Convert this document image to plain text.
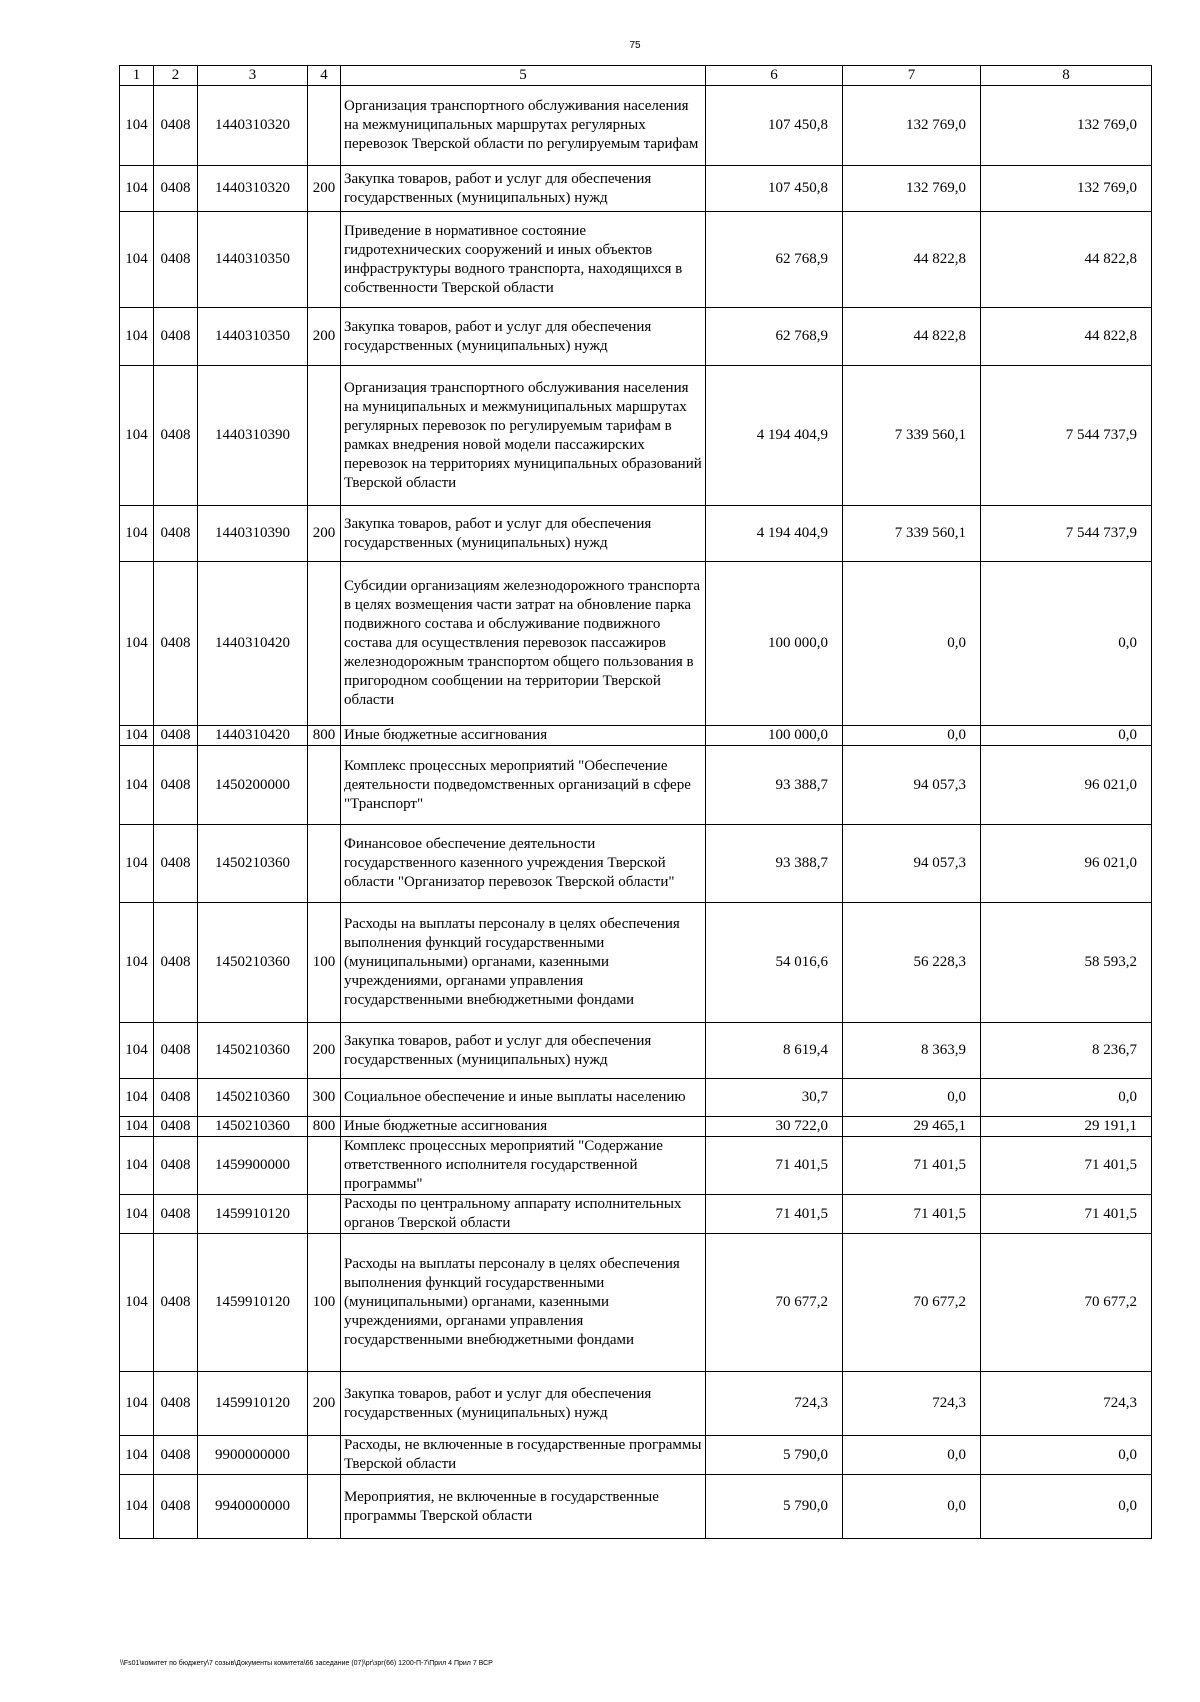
75
1	2	3	4	5	6	7	8
104	0408	1440310320		Организация транспортного обслуживания населения на межмуниципальных маршрутах регулярных перевозок Тверской области по регулируемым тарифам	107 450,8	132 769,0	132 769,0
104	0408	1440310320	200	Закупка товаров, работ и услуг для обеспечения государственных (муниципальных) нужд	107 450,8	132 769,0	132 769,0
104	0408	1440310350		Приведение в нормативное состояние гидротехнических сооружений и иных объектов инфраструктуры водного транспорта, находящихся в собственности Тверской области	62 768,9	44 822,8	44 822,8
104	0408	1440310350	200	Закупка товаров, работ и услуг для обеспечения государственных (муниципальных) нужд	62 768,9	44 822,8	44 822,8
104	0408	1440310390		Организация транспортного обслуживания населения на муниципальных и межмуниципальных маршрутах регулярных перевозок по регулируемым тарифам в рамках внедрения новой модели пассажирских перевозок на территориях муниципальных образований Тверской области	4 194 404,9	7 339 560,1	7 544 737,9
104	0408	1440310390	200	Закупка товаров, работ и услуг для обеспечения государственных (муниципальных) нужд	4 194 404,9	7 339 560,1	7 544 737,9
104	0408	1440310420		Субсидии организациям железнодорожного транспорта в целях возмещения части затрат на обновление парка подвижного состава и обслуживание подвижного состава для осуществления перевозок пассажиров железнодорожным транспортом общего пользования в пригородном сообщении на территории Тверской области	100 000,0	0,0	0,0
104	0408	1440310420	800	Иные бюджетные ассигнования	100 000,0	0,0	0,0
104	0408	1450200000		Комплекс процессных мероприятий "Обеспечение деятельности подведомственных организаций в сфере "Транспорт"	93 388,7	94 057,3	96 021,0
104	0408	1450210360		Финансовое обеспечение деятельности государственного казенного учреждения Тверской области "Организатор перевозок Тверской области"	93 388,7	94 057,3	96 021,0
104	0408	1450210360	100	Расходы на выплаты персоналу в целях обеспечения выполнения функций государственными (муниципальными) органами, казенными учреждениями, органами управления государственными внебюджетными фондами	54 016,6	56 228,3	58 593,2
104	0408	1450210360	200	Закупка товаров, работ и услуг для обеспечения государственных (муниципальных) нужд	8 619,4	8 363,9	8 236,7
104	0408	1450210360	300	Социальное обеспечение и иные выплаты населению	30,7	0,0	0,0
104	0408	1450210360	800	Иные бюджетные ассигнования	30 722,0	29 465,1	29 191,1
104	0408	1459900000		Комплекс процессных мероприятий "Содержание ответственного исполнителя государственной программы"	71 401,5	71 401,5	71 401,5
104	0408	1459910120		Расходы по центральному аппарату исполнительных органов Тверской области	71 401,5	71 401,5	71 401,5
104	0408	1459910120	100	Расходы на выплаты персоналу в целях обеспечения выполнения функций государственными (муниципальными) органами, казенными учреждениями, органами управления государственными внебюджетными фондами	70 677,2	70 677,2	70 677,2
104	0408	1459910120	200	Закупка товаров, работ и услуг для обеспечения государственных (муниципальных) нужд	724,3	724,3	724,3
104	0408	9900000000		Расходы, не включенные в государственные программы Тверской области	5 790,0	0,0	0,0
104	0408	9940000000		Мероприятия, не включенные в государственные программы Тверской области	5 790,0	0,0	0,0
\\Fs01\комитет по бюджету\7 созыв\Документы комитета\66 заседание (07)\рг\зрг(66) 1200-П-7\Прил 4 Прил 7 ВСР
